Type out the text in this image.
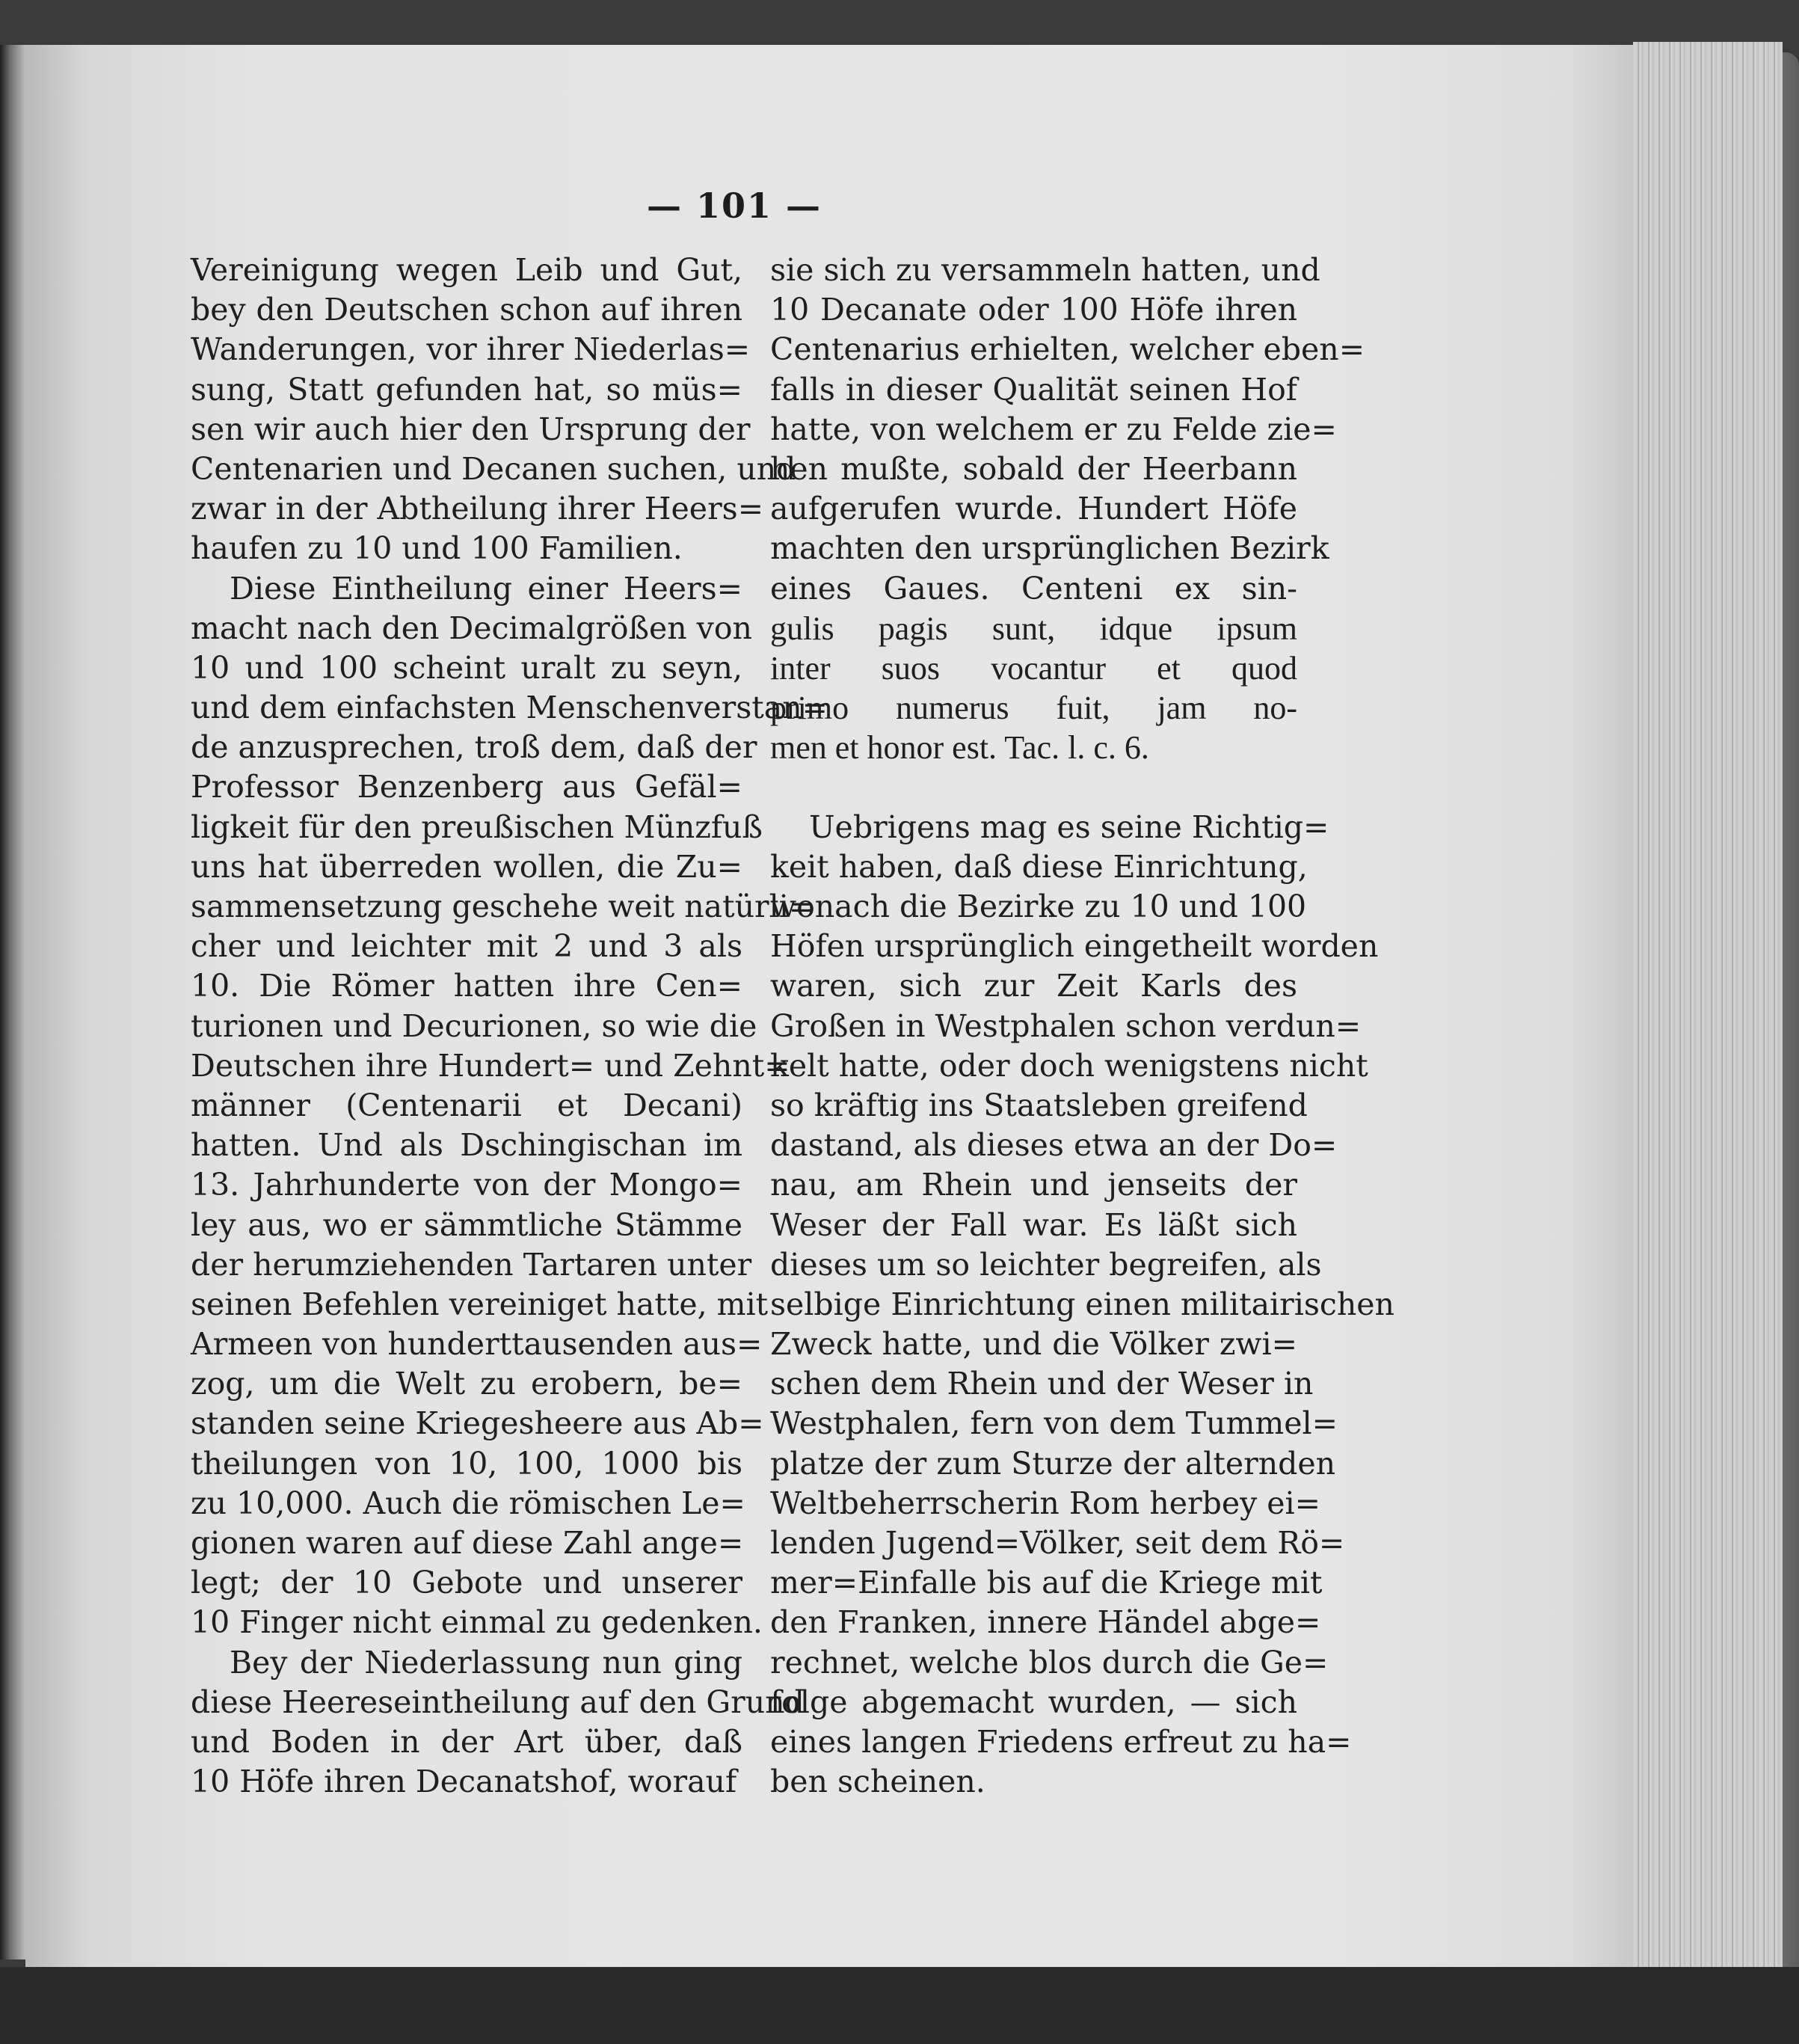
— 101 —
Vereinigung wegen Leib und Gut,
bey den Deutschen schon auf ihren
Wanderungen, vor ihrer Niederlas=
sung, Statt gefunden hat, so müs=
sen wir auch hier den Ursprung der
Centenarien und Decanen suchen, und
zwar in der Abtheilung ihrer Heers=
haufen zu 10 und 100 Familien.
Diese Eintheilung einer Heers=
macht nach den Decimalgrößen von
10 und 100 scheint uralt zu seyn,
und dem einfachsten Menschenverstan=
de anzusprechen, troß dem, daß der
Professor Benzenberg aus Gefäl=
ligkeit für den preußischen Münzfuß
uns hat überreden wollen, die Zu=
sammensetzung geschehe weit natürli=
cher und leichter mit 2 und 3 als
10. Die Römer hatten ihre Cen=
turionen und Decurionen, so wie die
Deutschen ihre Hundert= und Zehnt=
männer (Centenarii et Decani)
hatten. Und als Dschingischan im
13. Jahrhunderte von der Mongo=
ley aus, wo er sämmtliche Stämme
der herumziehenden Tartaren unter
seinen Befehlen vereiniget hatte, mit
Armeen von hunderttausenden aus=
zog, um die Welt zu erobern, be=
standen seine Kriegesheere aus Ab=
theilungen von 10, 100, 1000 bis
zu 10,000. Auch die römischen Le=
gionen waren auf diese Zahl ange=
legt; der 10 Gebote und unserer
10 Finger nicht einmal zu gedenken.
Bey der Niederlassung nun ging
diese Heereseintheilung auf den Grund
und Boden in der Art über, daß
10 Höfe ihren Decanatshof, worauf
sie sich zu versammeln hatten, und
10 Decanate oder 100 Höfe ihren
Centenarius erhielten, welcher eben=
falls in dieser Qualität seinen Hof
hatte, von welchem er zu Felde zie=
hen mußte, sobald der Heerbann
aufgerufen wurde. Hundert Höfe
machten den ursprünglichen Bezirk
eines Gaues. Centeni ex sin-
gulis pagis sunt, idque ipsum
inter suos vocantur et quod
primo numerus fuit, jam no-
men et honor est. Tac. l. c. 6.
Uebrigens mag es seine Richtig=
keit haben, daß diese Einrichtung,
wonach die Bezirke zu 10 und 100
Höfen ursprünglich eingetheilt worden
waren, sich zur Zeit Karls des
Großen in Westphalen schon verdun=
kelt hatte, oder doch wenigstens nicht
so kräftig ins Staatsleben greifend
dastand, als dieses etwa an der Do=
nau, am Rhein und jenseits der
Weser der Fall war. Es läßt sich
dieses um so leichter begreifen, als
selbige Einrichtung einen militairischen
Zweck hatte, und die Völker zwi=
schen dem Rhein und der Weser in
Westphalen, fern von dem Tummel=
platze der zum Sturze der alternden
Weltbeherrscherin Rom herbey ei=
lenden Jugend=Völker, seit dem Rö=
mer=Einfalle bis auf die Kriege mit
den Franken, innere Händel abge=
rechnet, welche blos durch die Ge=
folge abgemacht wurden, — sich
eines langen Friedens erfreut zu ha=
ben scheinen.
